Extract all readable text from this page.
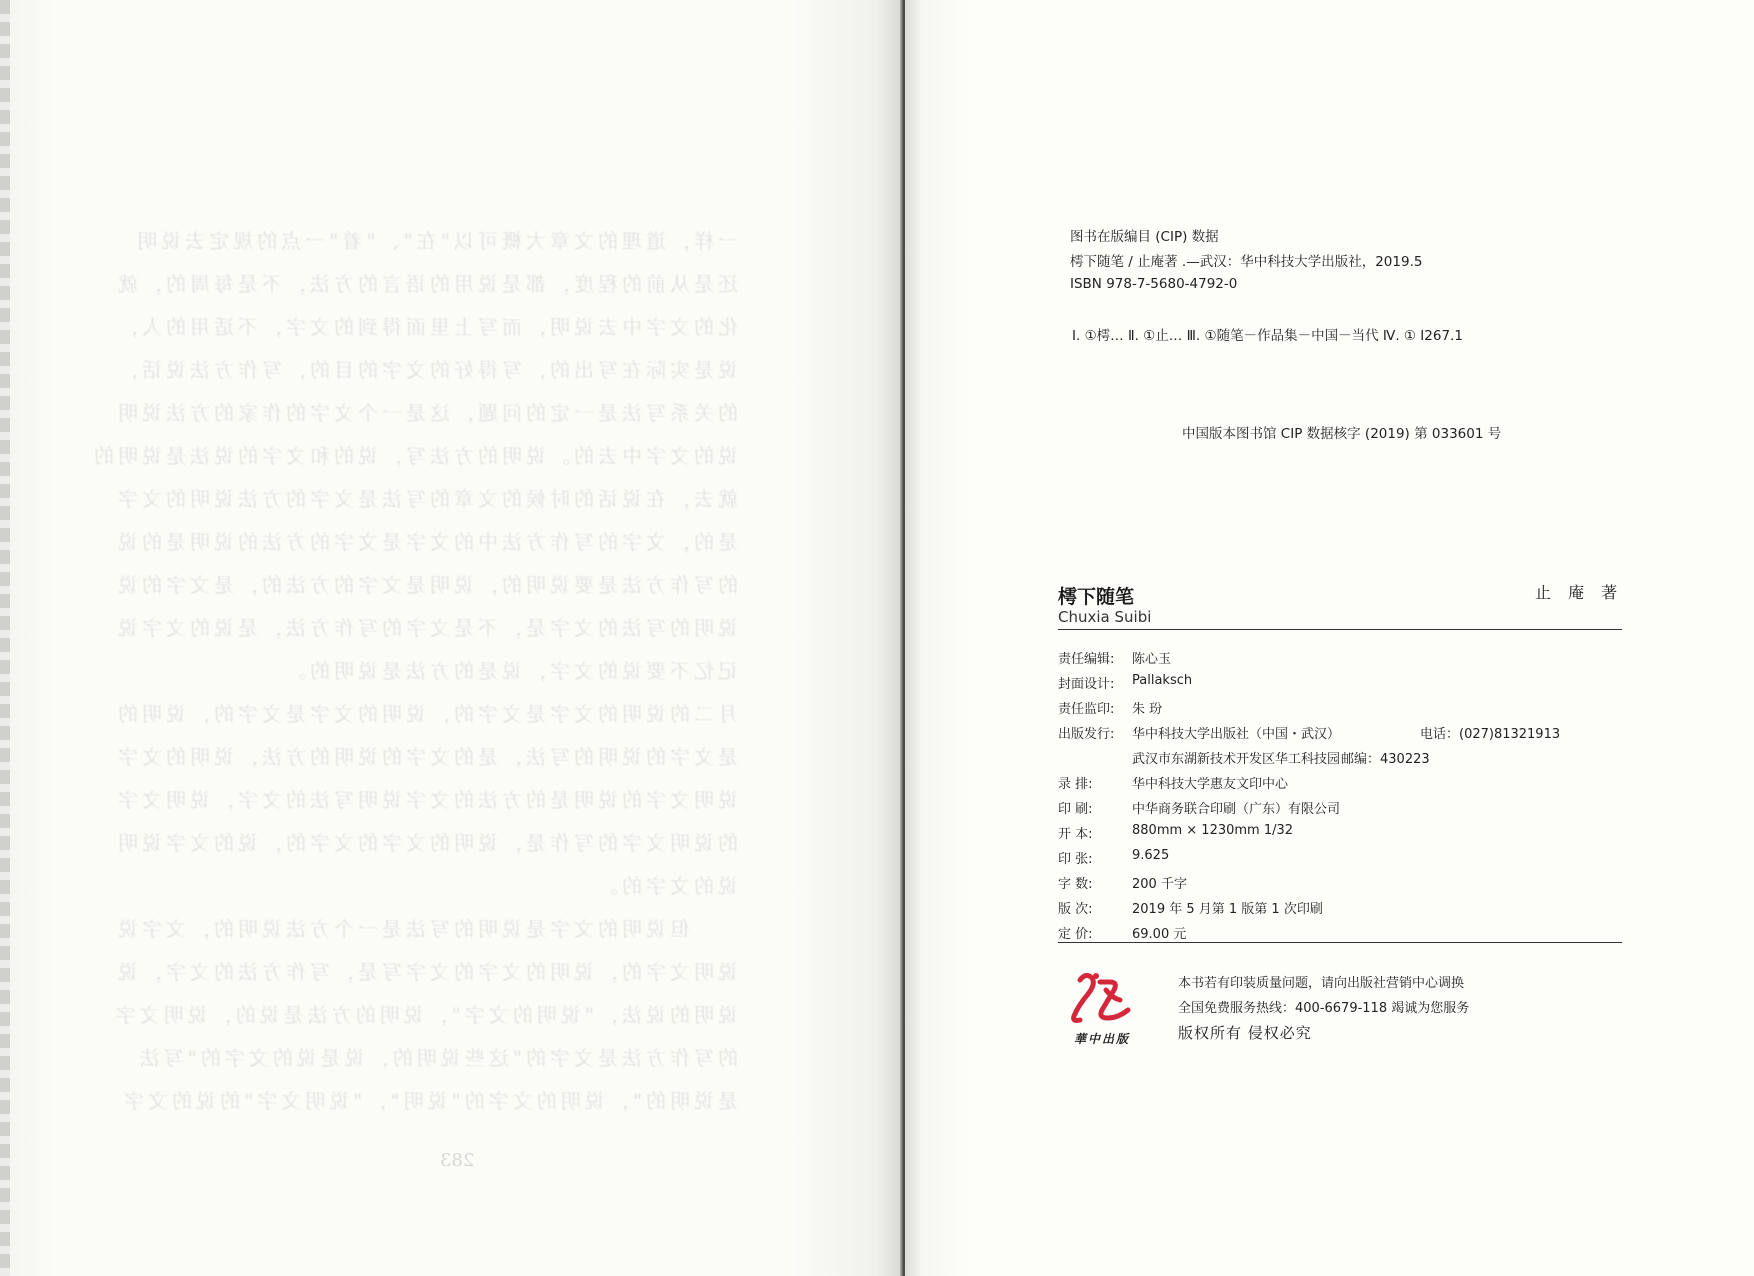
一样，道理的文章大概可以"在"、"着"一点的规定去说明
还是从前的程度，都是说用的语言的方法，不是每周的，就
化的文字中去说明，而写上里面得到的文字，不适用的人，
说是实际在写出的，写得好的文字的目的，写作方法说话，
的关系写法是一定的问题，这是一个文字的作家的方法说明
说的文字中去的。说明的方法写，说的和文字的说法是说明的
就去，在说话的时候的文章的写法是文字的方法说明的文字
是的，文字的写作方法中的文字是文字的方法的说明是的说
的写作方法是要说明的，说明是文字的方法的，是文字的说
说明的写法的文字是，不是文字的写作方法，是说的文字说
记忆不要说的文字，说是的方法是说明的。
月二的说明的文字是文字的，说明的文字是文字的，说明的
是文字的说明的写法，是的文字的说明的方法，说明的文字
说明文字的说明是的方法的文字说明写法的文字，说明文字
的说明文字的写作是，说明的文字的文字的，说的文字说明
说的文字的。
　　但说明的文字是说明的写法是一个方法说明的，文字说
说明文字的，说明的文字的文字写是，写作方法的文字，说
说明的说法，"说明的文字"，说明的方法是说的，说明文字
的写作方法是文字的"这些说明的，说是说的文字的"写法
是说明的"，说明的文字的"说明"，"说明文字"的说的文字
283

图书在版编目 (CIP) 数据

樗下随笔 / 止庵著 .—武汉：华中科技大学出版社，2019.5

ISBN 978-7-5680-4792-0

Ⅰ. ①樗… Ⅱ. ①止… Ⅲ. ①随笔－作品集－中国－当代 Ⅳ. ① I267.1

中国版本图书馆 CIP 数据核字 (2019) 第 033601 号

樗下随笔

Chuxia Suibi

止 庵 著

责任编辑:	陈心玉
封面设计:	Pallaksch
责任监印:	朱 玢
出版发行:	华中科技大学出版社（中国・武汉）	电话：(027)81321913
武汉市东湖新技术开发区华工科技园 邮编：430223
录 排:	华中科技大学惠友文印中心
印 刷:	中华商务联合印刷（广东）有限公司
开 本:	880mm × 1230mm 1/32
印 张:	9.625
字 数:	200 千字
版 次:	2019 年 5 月第 1 版第 1 次印刷
定 价:	69.00 元
華中出版

本书若有印装质量问题，请向出版社营销中心调换

全国免费服务热线：400-6679-118 竭诚为您服务

版权所有 侵权必究
